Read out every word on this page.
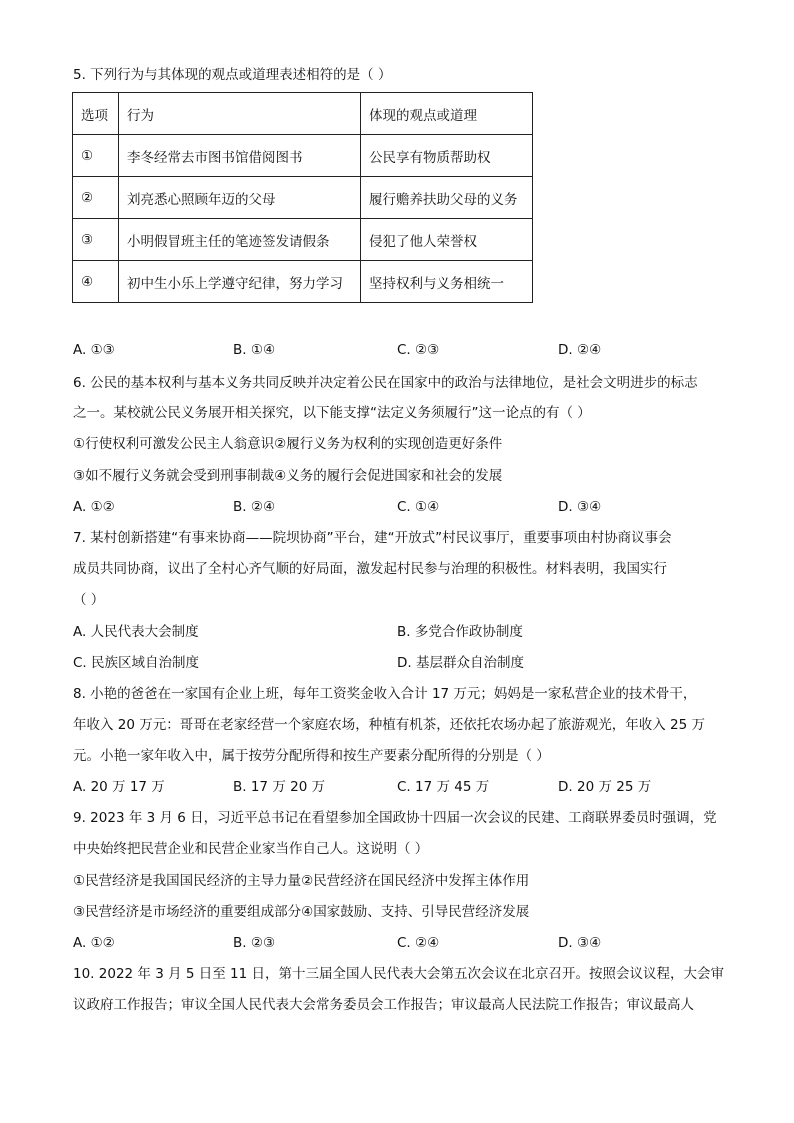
5. 下列行为与其体现的观点或道理表述相符的是（ ）
选项	行为	体现的观点或道理
①	李冬经常去市图书馆借阅图书	公民享有物质帮助权
②	刘亮悉心照顾年迈的父母	履行赡养扶助父母的义务
③	小明假冒班主任的笔迹签发请假条	侵犯了他人荣誉权
④	初中生小乐上学遵守纪律，努力学习	坚持权利与义务相统一
A. ①③	B. ①④	C. ②③	D. ②④
6. 公民的基本权利与基本义务共同反映并决定着公民在国家中的政治与法律地位，是社会文明进步的标志
之一。某校就公民义务展开相关探究，以下能支撑“法定义务须履行”这一论点的有（ ）
①行使权利可激发公民主人翁意识②履行义务为权利的实现创造更好条件
③如不履行义务就会受到刑事制裁④义务的履行会促进国家和社会的发展
A. ①②	B. ②④	C. ①④	D. ③④
7. 某村创新搭建“有事来协商——院坝协商”平台，建“开放式”村民议事厅，重要事项由村协商议事会
成员共同协商，议出了全村心齐气顺的好局面，激发起村民参与治理的积极性。材料表明，我国实行
（ ）
A. 人民代表大会制度	B. 多党合作政协制度
C. 民族区域自治制度	D. 基层群众自治制度
8. 小艳的爸爸在一家国有企业上班，每年工资奖金收入合计 17 万元；妈妈是一家私营企业的技术骨干，
年收入 20 万元：哥哥在老家经营一个家庭农场，种植有机茶，还依托农场办起了旅游观光，年收入 25 万
元。小艳一家年收入中，属于按劳分配所得和按生产要素分配所得的分别是（ ）
A. 20 万 17 万	B. 17 万 20 万	C. 17 万 45 万	D. 20 万 25 万
9. 2023 年 3 月 6 日，习近平总书记在看望参加全国政协十四届一次会议的民建、工商联界委员时强调，党
中央始终把民营企业和民营企业家当作自己人。这说明（ ）
①民营经济是我国国民经济的主导力量②民营经济在国民经济中发挥主体作用
③民营经济是市场经济的重要组成部分④国家鼓励、支持、引导民营经济发展
A. ①②	B. ②③	C. ②④	D. ③④
10. 2022 年 3 月 5 日至 11 日，第十三届全国人民代表大会第五次会议在北京召开。按照会议议程，大会审
议政府工作报告；审议全国人民代表大会常务委员会工作报告；审议最高人民法院工作报告；审议最高人
